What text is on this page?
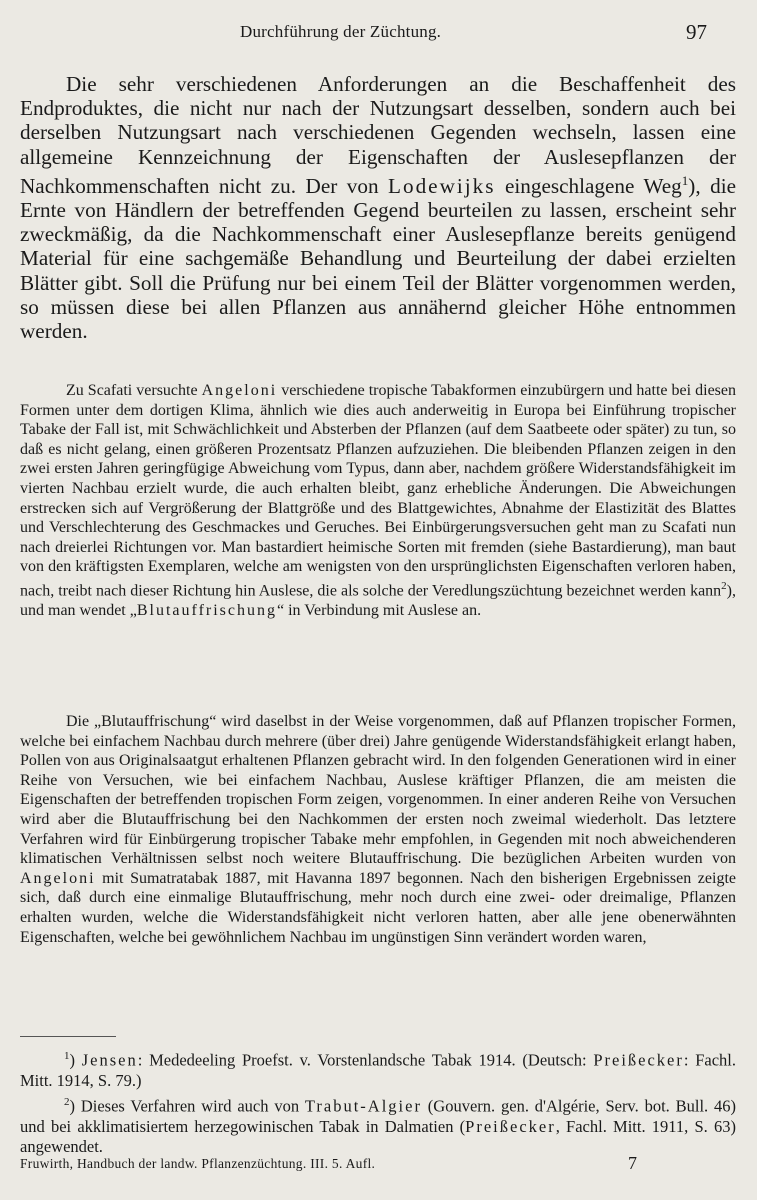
Durchführung der Züchtung.	97

Die sehr verschiedenen Anforderungen an die Beschaffenheit des Endproduktes, die nicht nur nach der Nutzungsart desselben, sondern auch bei derselben Nutzungsart nach verschiedenen Gegenden wechseln, lassen eine allgemeine Kennzeichnung der Eigenschaften der Auslesepflanzen der Nachkommenschaften nicht zu. Der von Lodewijks eingeschlagene Weg$^1$), die Ernte von Händlern der betreffenden Gegend beurteilen zu lassen, erscheint sehr zweckmäßig, da die Nachkommenschaft einer Auslesepflanze bereits genügend Material für eine sachgemäße Behandlung und Beurteilung der dabei erzielten Blätter gibt. Soll die Prüfung nur bei einem Teil der Blätter vorgenommen werden, so müssen diese bei allen Pflanzen aus annähernd gleicher Höhe entnommen werden.

Zu Scafati versuchte Angeloni verschiedene tropische Tabakformen einzubürgern und hatte bei diesen Formen unter dem dortigen Klima, ähnlich wie dies auch anderweitig in Europa bei Einführung tropischer Tabake der Fall ist, mit Schwächlichkeit und Absterben der Pflanzen (auf dem Saatbeete oder später) zu tun, so daß es nicht gelang, einen größeren Prozentsatz Pflanzen aufzuziehen. Die bleibenden Pflanzen zeigen in den zwei ersten Jahren geringfügige Abweichung vom Typus, dann aber, nachdem größere Widerstandsfähigkeit im vierten Nachbau erzielt wurde, die auch erhalten bleibt, ganz erhebliche Änderungen. Die Abweichungen erstrecken sich auf Vergrößerung der Blattgröße und des Blattgewichtes, Abnahme der Elastizität des Blattes und Verschlechterung des Geschmackes und Geruches. Bei Einbürgerungsversuchen geht man zu Scafati nun nach dreierlei Richtungen vor. Man bastardiert heimische Sorten mit fremden (siehe Bastardierung), man baut von den kräftigsten Exemplaren, welche am wenigsten von den ursprünglichsten Eigenschaften verloren haben, nach, treibt nach dieser Richtung hin Auslese, die als solche der Veredlungszüchtung bezeichnet werden kann$^2$), und man wendet „Blutauffrischung“ in Verbindung mit Auslese an.

Die „Blutauffrischung“ wird daselbst in der Weise vorgenommen, daß auf Pflanzen tropischer Formen, welche bei einfachem Nachbau durch mehrere (über drei) Jahre genügende Widerstandsfähigkeit erlangt haben, Pollen von aus Originalsaatgut erhaltenen Pflanzen gebracht wird. In den folgenden Generationen wird in einer Reihe von Versuchen, wie bei einfachem Nachbau, Auslese kräftiger Pflanzen, die am meisten die Eigenschaften der betreffenden tropischen Form zeigen, vorgenommen. In einer anderen Reihe von Versuchen wird aber die Blutauffrischung bei den Nachkommen der ersten noch zweimal wiederholt. Das letztere Verfahren wird für Einbürgerung tropischer Tabake mehr empfohlen, in Gegenden mit noch abweichenderen klimatischen Verhältnissen selbst noch weitere Blutauffrischung. Die bezüglichen Arbeiten wurden von Angeloni mit Sumatratabak 1887, mit Havanna 1897 begonnen. Nach den bisherigen Ergebnissen zeigte sich, daß durch eine einmalige Blutauffrischung, mehr noch durch eine zwei- oder dreimalige, Pflanzen erhalten wurden, welche die Widerstandsfähigkeit nicht verloren hatten, aber alle jene obenerwähnten Eigenschaften, welche bei gewöhnlichem Nachbau im ungünstigen Sinn verändert worden waren,

$^1$) Jensen: Mededeeling Proefst. v. Vorstenlandsche Tabak 1914. (Deutsch: Preißecker: Fachl. Mitt. 1914, S. 79.)

$^2$) Dieses Verfahren wird auch von Trabut-Algier (Gouvern. gen. d'Algérie, Serv. bot. Bull. 46) und bei akklimatisiertem herzegowinischen Tabak in Dalmatien (Preißecker, Fachl. Mitt. 1911, S. 63) angewendet.

Fruwirth, Handbuch der landw. Pflanzenzüchtung. III. 5. Aufl.	7
